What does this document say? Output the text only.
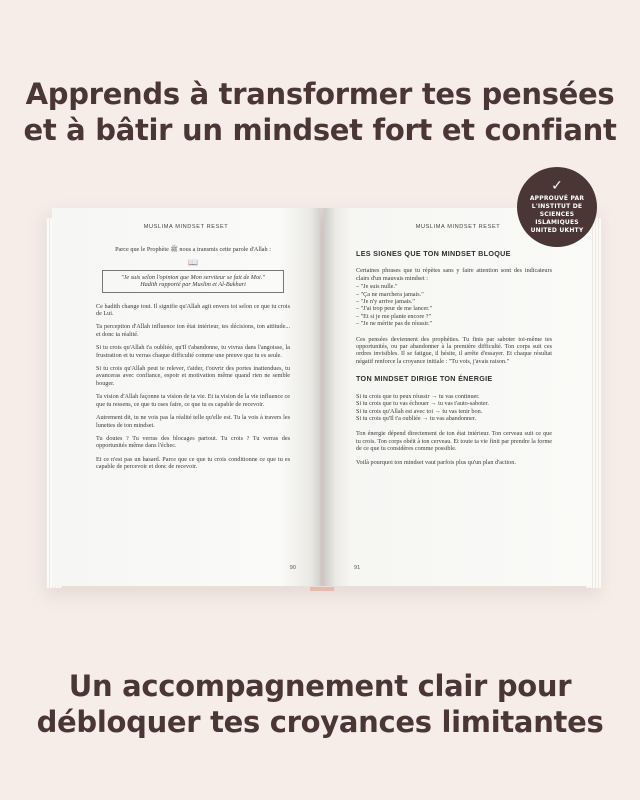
Apprends à transformer tes pensées
et à bâtir un mindset fort et confiant
MUSLIMA MINDSET RESET

Parce que le Prophète ﷺ nous a transmis cette parole d'Allah :

📖
"Je suis selon l'opinion que Mon serviteur se fait de Moi."
Hadith rapporté par Muslim et Al-Bukhari

Ce hadith change tout. Il signifie qu'Allah agit envers toi selon ce que tu crois de Lui.

Ta perception d'Allah influence ton état intérieur, tes décisions, ton attitude... et donc ta réalité.

Si tu crois qu'Allah t'a oubliée, qu'Il t'abandonne, tu vivras dans l'angoisse, la frustration et tu verras chaque difficulté comme une preuve que tu es seule.

Si tu crois qu'Allah peut te relever, t'aider, t'ouvrir des portes inattendues, tu avanceras avec confiance, espoir et motivation même quand rien ne semble bouger.

Ta vision d'Allah façonne ta vision de ta vie. Et ta vision de la vie influence ce que tu ressens, ce que tu oses faire, ce que tu es capable de recevoir.

Autrement dit, tu ne vois pas la réalité telle qu'elle est. Tu la vois à travers les lunettes de ton mindset.

Tu doutes ? Tu verras des blocages partout. Tu crois ? Tu verras des opportunités même dans l'échec.

Et ce n'est pas un hasard. Parce que ce que tu crois conditionne ce que tu es capable de percevoir et donc de recevoir.

90
MUSLIMA MINDSET RESET
LES SIGNES QUE TON MINDSET BLOQUE

Certaines phrases que tu répètes sans y faire attention sont des indicateurs clairs d'un mauvais mindset :

– "Je suis nulle."
– "Ça ne marchera jamais."
– "Je n'y arrive jamais."
– "J'ai trop peur de me lancer."
– "Et si je me plante encore ?"
– "Je ne mérite pas de réussir."

Ces pensées deviennent des prophéties. Tu finis par saboter toi-même tes opportunités, ou par abandonner à la première difficulté. Ton corps suit ces ordres invisibles. Il se fatigue, il hésite, il arrête d'essayer. Et chaque résultat négatif renforce la croyance initiale : "Tu vois, j'avais raison."

TON MINDSET DIRIGE TON ÉNERGIE
Si tu crois que tu peux réussir → tu vas continuer.
Si tu crois que tu vas échouer → tu vas t'auto-saboter.
Si tu crois qu'Allah est avec toi → tu vas tenir bon.
Si tu crois qu'Il t'a oubliée → tu vas abandonner.

Ton énergie dépend directement de ton état intérieur. Ton cerveau suit ce que tu crois. Ton corps obéit à ton cerveau. Et toute ta vie finit par prendre la forme de ce que tu considères comme possible.

Voilà pourquoi ton mindset vaut parfois plus qu'un plan d'action.

91
✓
APPROUVÉ PAR
L'INSTITUT DE
SCIENCES
ISLAMIQUES
UNITED UKHTY
Un accompagnement clair pour
débloquer tes croyances limitantes
